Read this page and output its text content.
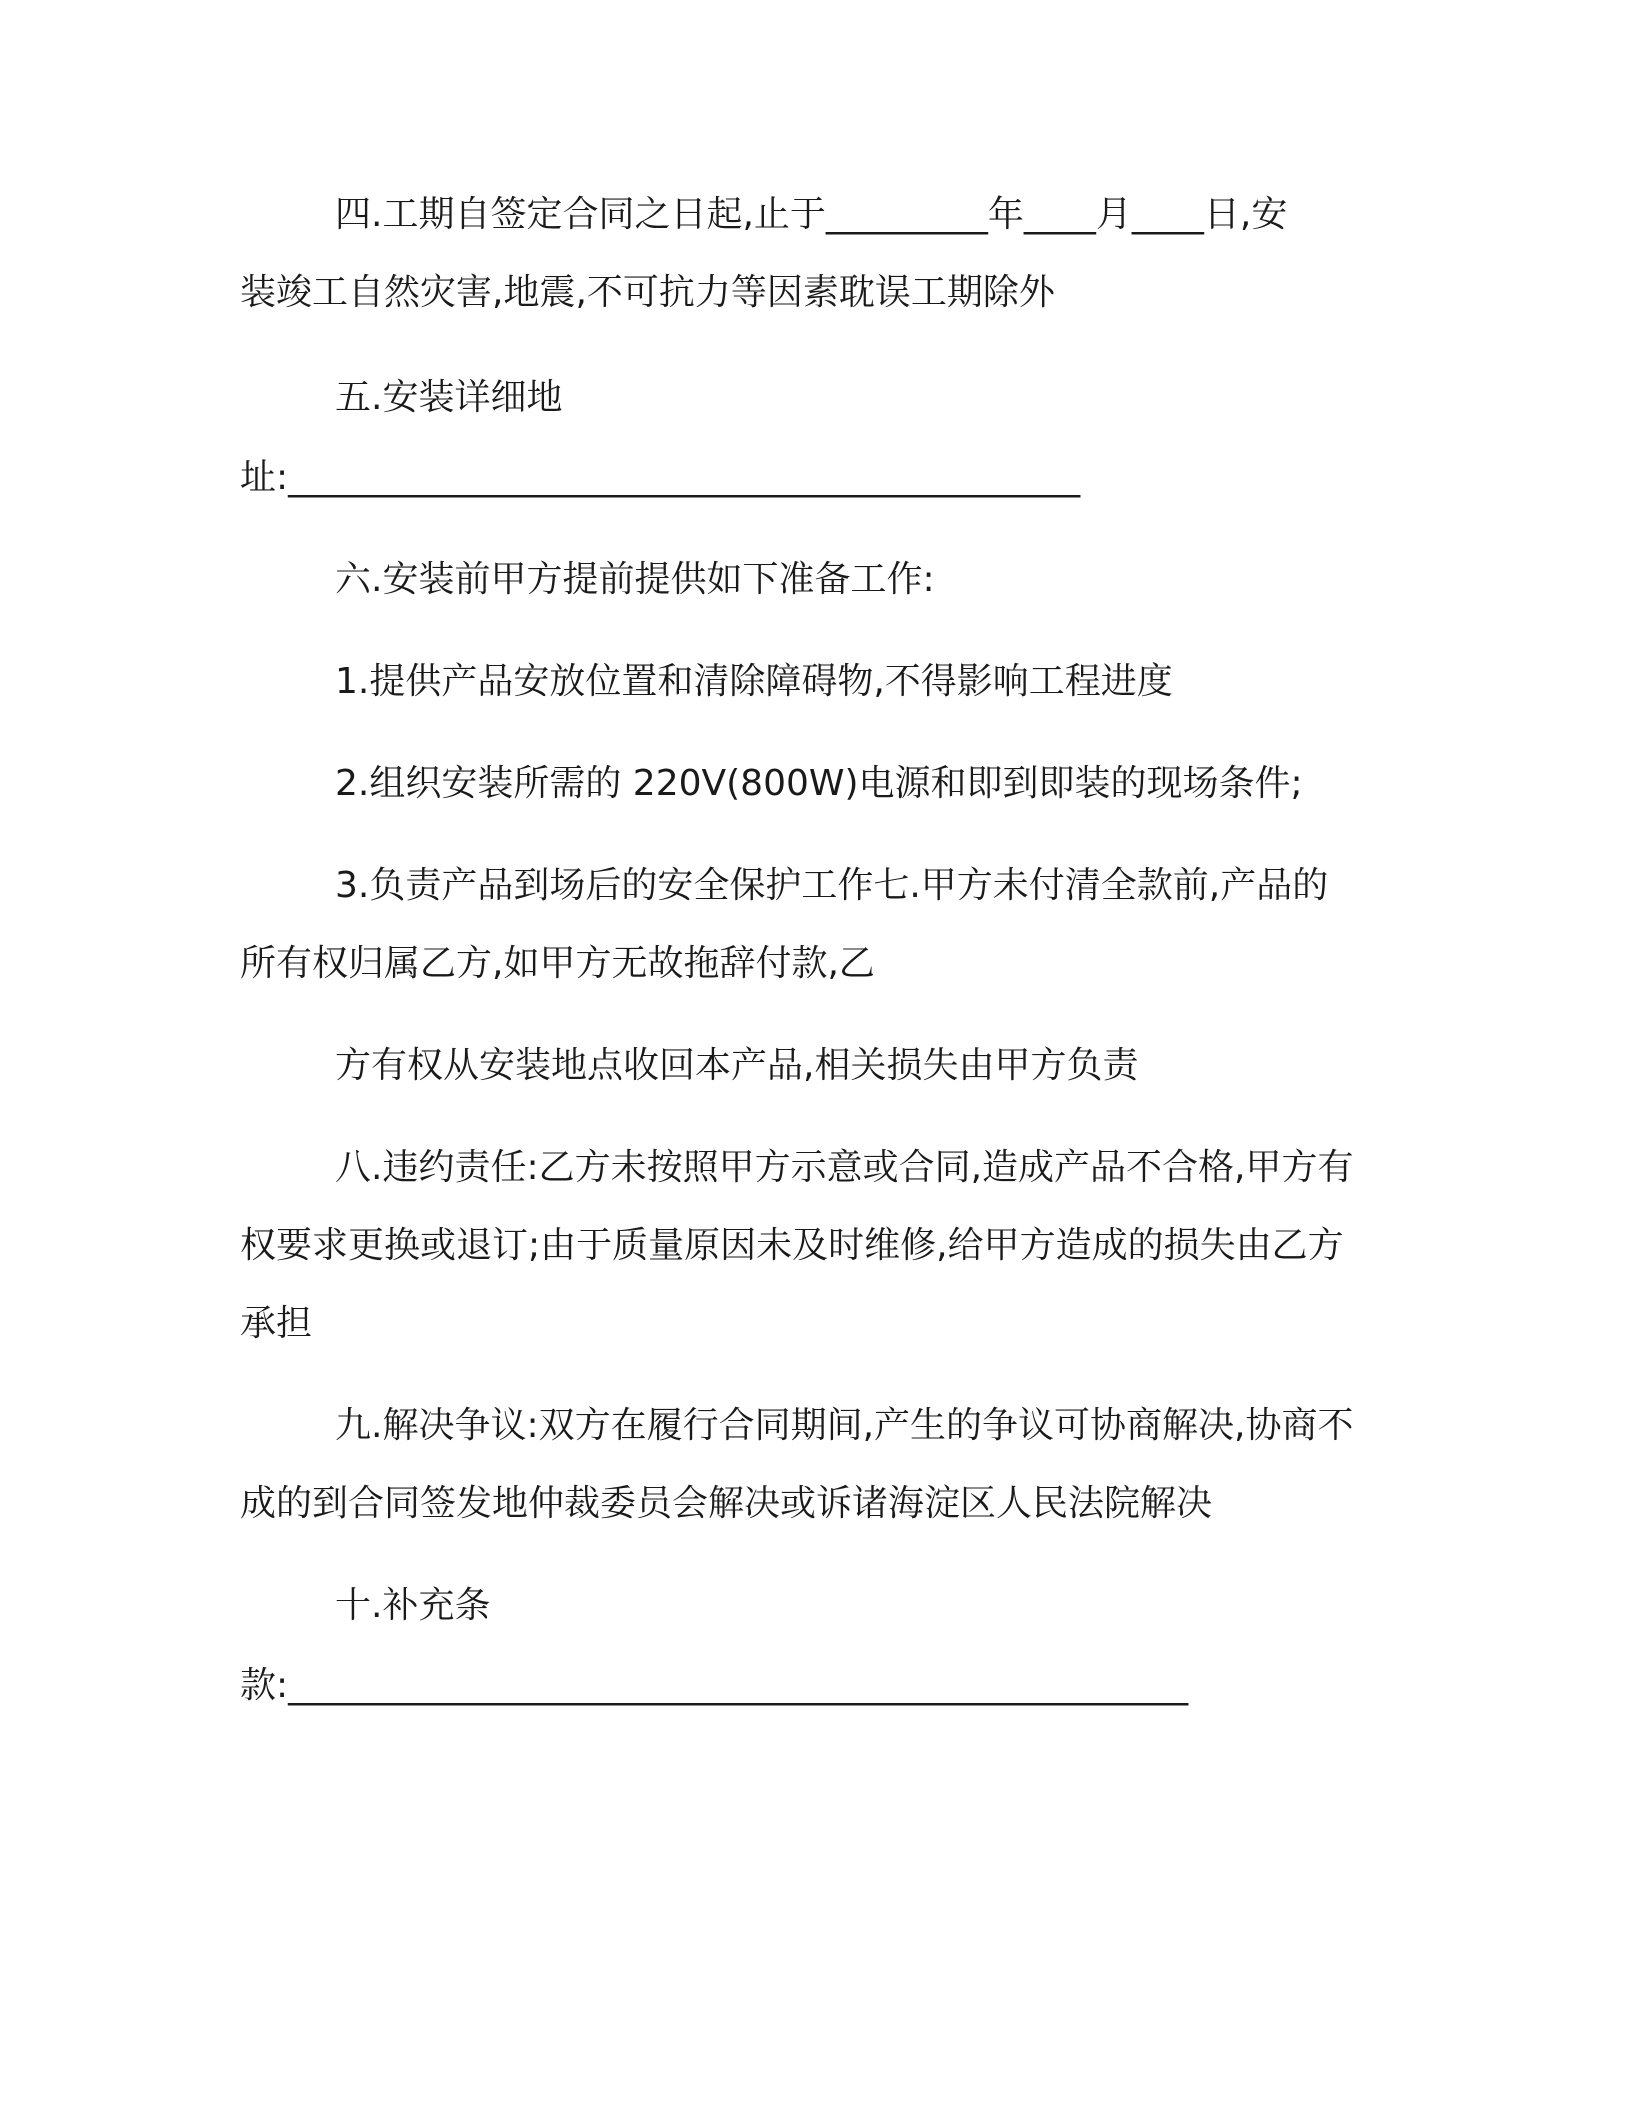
四.工期自签定合同之日起,止于_________年____月____日,安
装竣工自然灾害,地震,不可抗力等因素耽误工期除外
五.安装详细地
址:____________________________________________
六.安装前甲方提前提供如下准备工作:
1.提供产品安放位置和清除障碍物,不得影响工程进度
2.组织安装所需的 220V(800W)电源和即到即装的现场条件;
3.负责产品到场后的安全保护工作七.甲方未付清全款前,产品的
所有权归属乙方,如甲方无故拖辞付款,乙
方有权从安装地点收回本产品,相关损失由甲方负责
八.违约责任:乙方未按照甲方示意或合同,造成产品不合格,甲方有
权要求更换或退订;由于质量原因未及时维修,给甲方造成的损失由乙方
承担
九.解决争议:双方在履行合同期间,产生的争议可协商解决,协商不
成的到合同签发地仲裁委员会解决或诉诸海淀区人民法院解决
十.补充条
款:__________________________________________________
